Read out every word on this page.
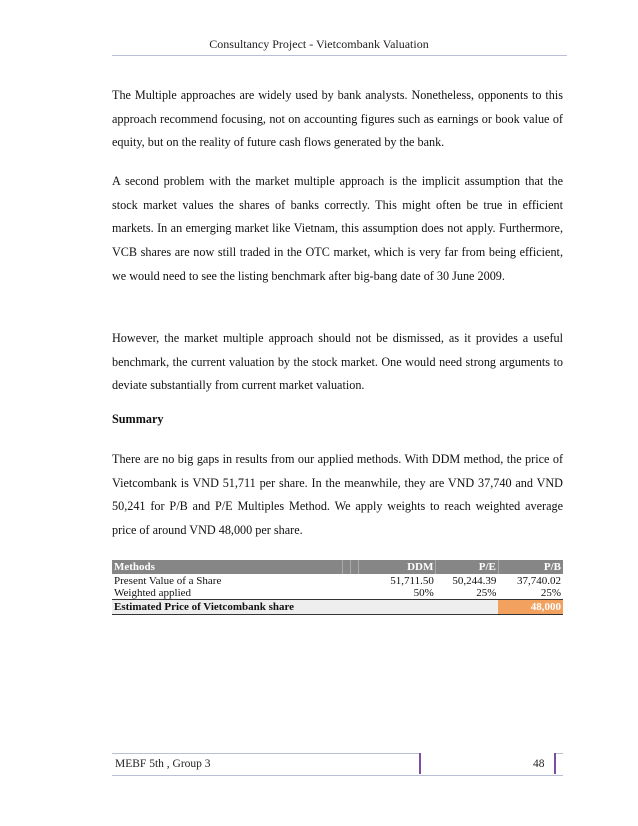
Consultancy Project - Vietcombank Valuation

The Multiple approaches are widely used by bank analysts. Nonetheless, opponents to this approach recommend focusing, not on accounting figures such as earnings or book value of equity, but on the reality of future cash flows generated by the bank.

A second problem with the market multiple approach is the implicit assumption that the stock market values the shares of banks correctly. This might often be true in efficient markets. In an emerging market like Vietnam, this assumption does not apply. Furthermore, VCB shares are now still traded in the OTC market, which is very far from being efficient, we would need to see the listing benchmark after big-bang date of 30 June 2009.

However, the market multiple approach should not be dismissed, as it provides a useful benchmark, the current valuation by the stock market. One would need strong arguments to deviate substantially from current market valuation.

Summary

There are no big gaps in results from our applied methods. With DDM method, the price of Vietcombank is VND 51,711 per share. In the meanwhile, they are VND 37,740 and VND 50,241 for P/B and P/E Multiples Method. We apply weights to reach weighted average price of around VND 48,000 per share.

Methods			DDM	P/E	P/B
Present Value of a Share			51,711.50	50,244.39	37,740.02
Weighted applied			50%	25%	25%
Estimated Price of Vietcombank share					48,000
MEBF 5th , Group 3	48
